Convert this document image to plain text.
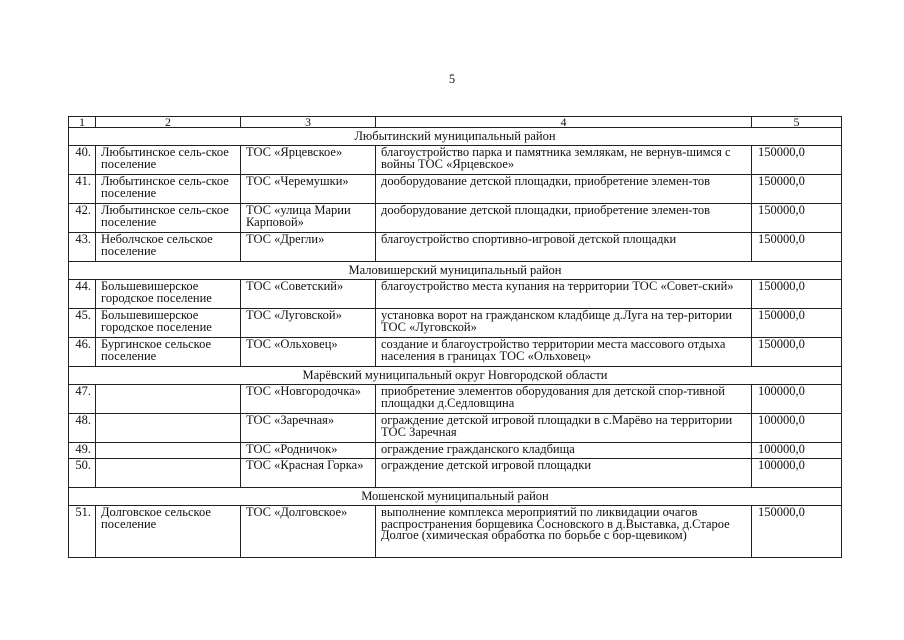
5
1	2	3	4	5
Любытинский муниципальный район				
40.	Любытинское сель-ское поселение	ТОС «Ярцевское»	благоустройство парка и памятника землякам, не вернув-шимся с войны ТОС «Ярцевское»	150000,0
41.	Любытинское сель-ское поселение	ТОС «Черемушки»	дооборудование детской площадки, приобретение элемен-тов	150000,0
42.	Любытинское сель-ское поселение	ТОС «улица Марии Карповой»	дооборудование детской площадки, приобретение элемен-тов	150000,0
43.	Неболчское сельское поселение	ТОС «Дрегли»	благоустройство спортивно-игровой детской площадки	150000,0
Маловишерский муниципальный район				
44.	Большевишерское городское поселение	ТОС «Советский»	благоустройство места купания на территории ТОС «Совет-ский»	150000,0
45.	Большевишерское городское поселение	ТОС «Луговской»	установка ворот на гражданском кладбище д.Луга на тер-ритории ТОС «Луговской»	150000,0
46.	Бургинское сельское поселение	ТОС «Ольховец»	создание и благоустройство территории места массового отдыха населения в границах ТОС «Ольховец»	150000,0
Марёвский муниципальный округ Новгородской области				
47.		ТОС «Новгородочка»	приобретение элементов оборудования для детской спор-тивной площадки д.Седловщина	100000,0
48.		ТОС «Заречная»	ограждение детской игровой площадки в с.Марёво на территории ТОС Заречная	100000,0
49.		ТОС «Родничок»	ограждение гражданского кладбища	100000,0
50.		ТОС «Красная Горка»	ограждение детской игровой площадки	100000,0
Мошенской муниципальный район				
51.	Долговское сельское поселение	ТОС «Долговское»	выполнение комплекса мероприятий по ликвидации очагов распространения борщевика Сосновского в д.Выставка, д.Старое Долгое (химическая обработка по борьбе с бор-щевиком)	150000,0
